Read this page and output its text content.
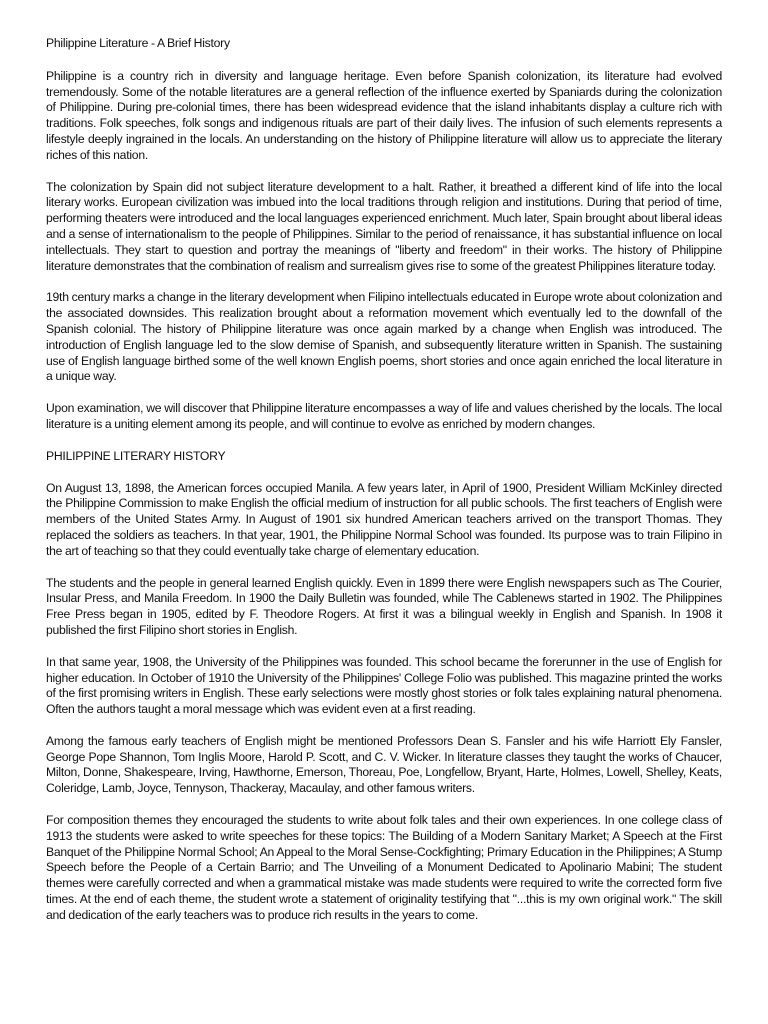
Philippine Literature - A Brief History

Philippine is a country rich in diversity and language heritage. Even before Spanish colonization, its literature had evolved tremendously. Some of the notable literatures are a general reflection of the influence exerted by Spaniards during the colonization of Philippine. During pre-colonial times, there has been widespread evidence that the island inhabitants display a culture rich with traditions. Folk speeches, folk songs and indigenous rituals are part of their daily lives. The infusion of such elements represents a lifestyle deeply ingrained in the locals. An understanding on the history of Philippine literature will allow us to appreciate the literary riches of this nation.

The colonization by Spain did not subject literature development to a halt. Rather, it breathed a different kind of life into the local literary works. European civilization was imbued into the local traditions through religion and institutions. During that period of time, performing theaters were introduced and the local languages experienced enrichment. Much later, Spain brought about liberal ideas and a sense of internationalism to the people of Philippines. Similar to the period of renaissance, it has substantial influence on local intellectuals. They start to question and portray the meanings of "liberty and freedom" in their works. The history of Philippine literature demonstrates that the combination of realism and surrealism gives rise to some of the greatest Philippines literature today.

19th century marks a change in the literary development when Filipino intellectuals educated in Europe wrote about colonization and the associated downsides. This realization brought about a reformation movement which eventually led to the downfall of the Spanish colonial. The history of Philippine literature was once again marked by a change when English was introduced. The introduction of English language led to the slow demise of Spanish, and subsequently literature written in Spanish. The sustaining use of English language birthed some of the well known English poems, short stories and once again enriched the local literature in a unique way.

Upon examination, we will discover that Philippine literature encompasses a way of life and values cherished by the locals. The local literature is a uniting element among its people, and will continue to evolve as enriched by modern changes.

PHILIPPINE LITERARY HISTORY

On August 13, 1898, the American forces occupied Manila. A few years later, in April of 1900, President William McKinley directed the Philippine Commission to make English the official medium of instruction for all public schools. The first teachers of English were members of the United States Army. In August of 1901 six hundred American teachers arrived on the transport Thomas. They replaced the soldiers as teachers. In that year, 1901, the Philippine Normal School was founded. Its purpose was to train Filipino in the art of teaching so that they could eventually take charge of elementary education.

The students and the people in general learned English quickly. Even in 1899 there were English newspapers such as The Courier, Insular Press, and Manila Freedom. In 1900 the Daily Bulletin was founded, while The Cablenews started in 1902. The Philippines Free Press began in 1905, edited by F. Theodore Rogers. At first it was a bilingual weekly in English and Spanish. In 1908 it published the first Filipino short stories in English.

In that same year, 1908, the University of the Philippines was founded. This school became the forerunner in the use of English for higher education. In October of 1910 the University of the Philippines' College Folio was published. This magazine printed the works of the first promising writers in English. These early selections were mostly ghost stories or folk tales explaining natural phenomena. Often the authors taught a moral message which was evident even at a first reading.

Among the famous early teachers of English might be mentioned Professors Dean S. Fansler and his wife Harriott Ely Fansler, George Pope Shannon, Tom Inglis Moore, Harold P. Scott, and C. V. Wicker. In literature classes they taught the works of Chaucer, Milton, Donne, Shakespeare, Irving, Hawthorne, Emerson, Thoreau, Poe, Longfellow, Bryant, Harte, Holmes, Lowell, Shelley, Keats, Coleridge, Lamb, Joyce, Tennyson, Thackeray, Macaulay, and other famous writers.

For composition themes they encouraged the students to write about folk tales and their own experiences. In one college class of 1913 the students were asked to write speeches for these topics: The Building of a Modern Sanitary Market; A Speech at the First Banquet of the Philippine Normal School; An Appeal to the Moral Sense-Cockfighting; Primary Education in the Philippines; A Stump Speech before the People of a Certain Barrio; and The Unveiling of a Monument Dedicated to Apolinario Mabini; The student themes were carefully corrected and when a grammatical mistake was made students were required to write the corrected form five times. At the end of each theme, the student wrote a statement of originality testifying that "...this is my own original work." The skill and dedication of the early teachers was to produce rich results in the years to come.
